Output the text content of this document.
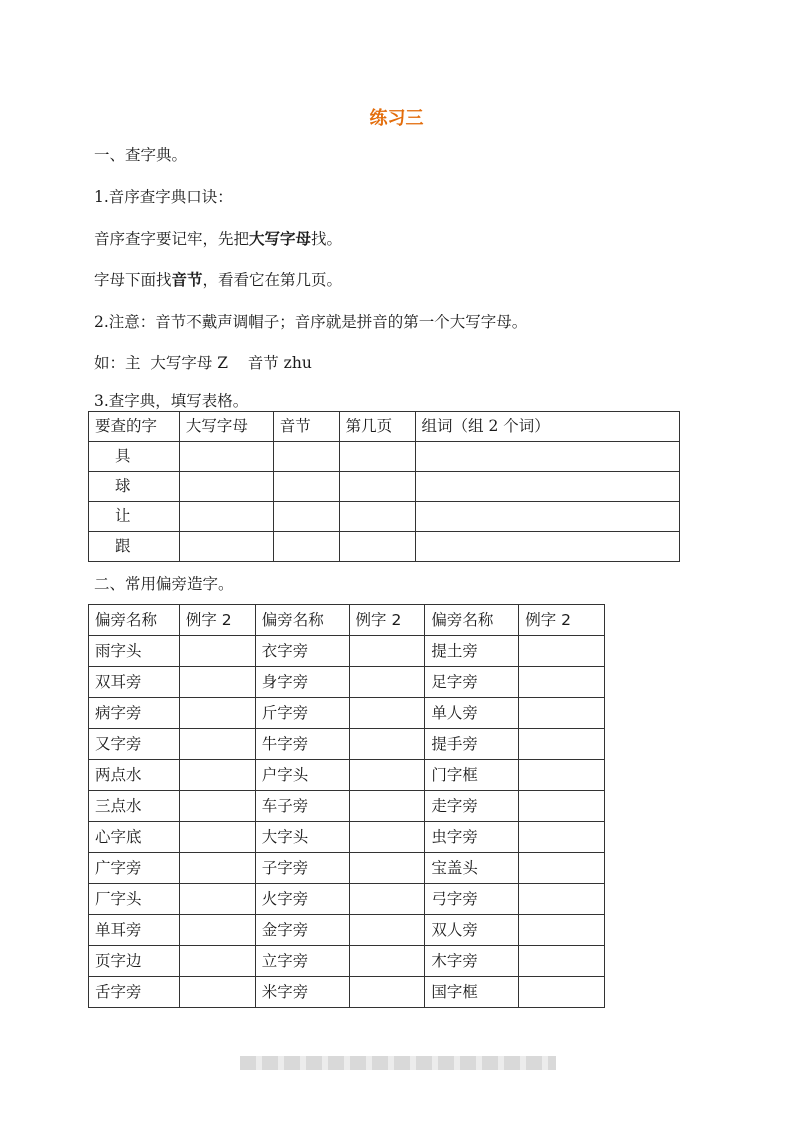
练习三
一、查字典。
1.音序查字典口诀：
音序查字要记牢，先把大写字母找。
字母下面找音节，看看它在第几页。
2.注意：音节不戴声调帽子；音序就是拼音的第一个大写字母。
如：主  大写字母 Z    音节 zhu
3.查字典，填写表格。
要查的字	大写字母	音节	第几页	组词（组 2 个词）
具				
球				
让				
跟				
二、常用偏旁造字。
偏旁名称	例字 2	偏旁名称	例字 2	偏旁名称	例字 2
雨字头		衣字旁		提土旁	
双耳旁		身字旁		足字旁	
病字旁		斤字旁		单人旁	
又字旁		牛字旁		提手旁	
两点水		户字头		门字框	
三点水		车子旁		走字旁	
心字底		大字头		虫字旁	
广字旁		子字旁		宝盖头	
厂字头		火字旁		弓字旁	
单耳旁		金字旁		双人旁	
页字边		立字旁		木字旁	
舌字旁		米字旁		国字框	
